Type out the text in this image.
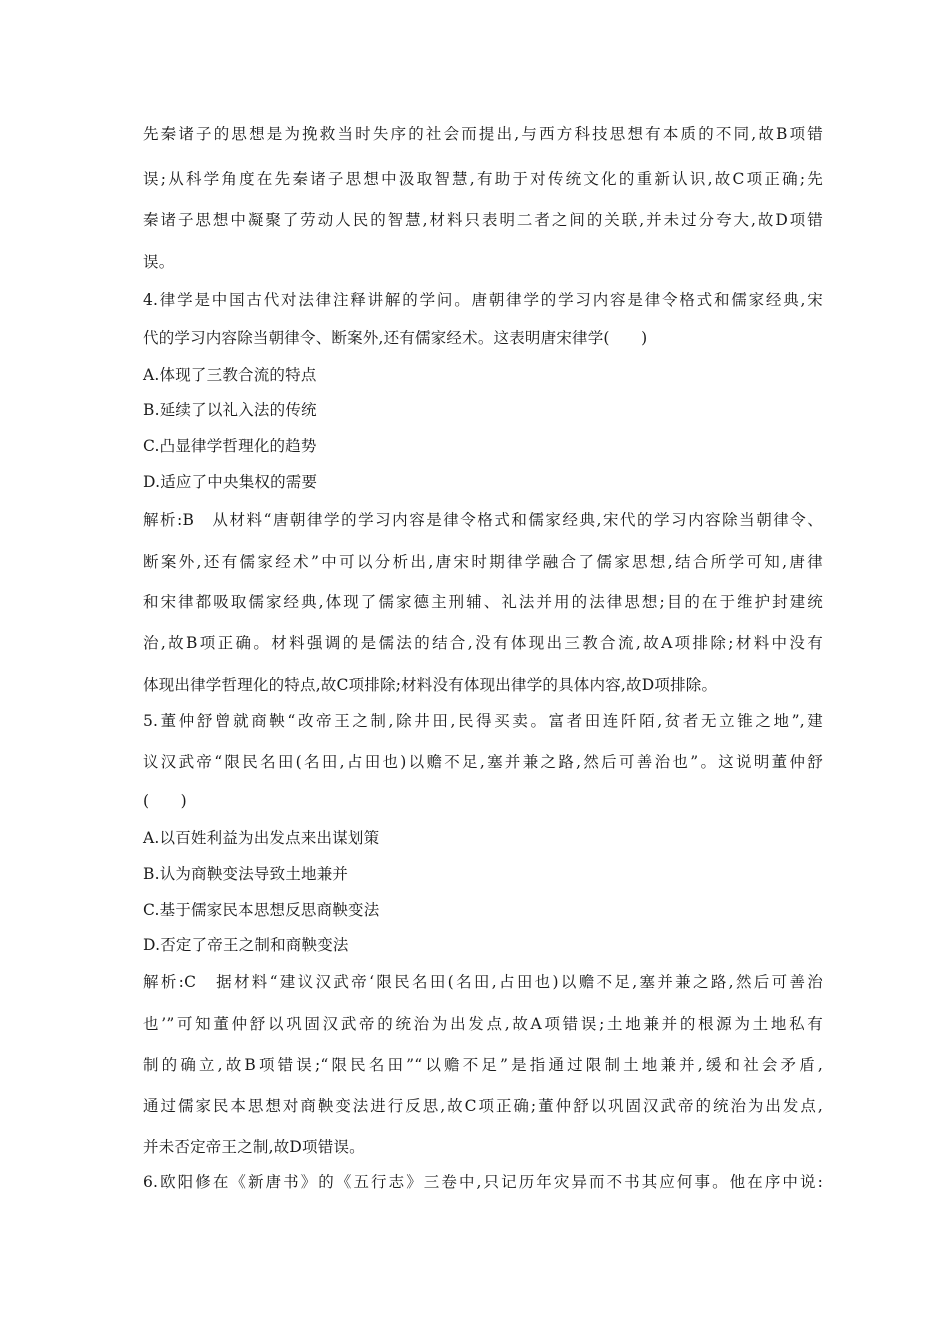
先秦诸子的思想是为挽救当时失序的社会而提出,与西方科技思想有本质的不同,故B项错
误;从科学角度在先秦诸子思想中汲取智慧,有助于对传统文化的重新认识,故C项正确;先
秦诸子思想中凝聚了劳动人民的智慧,材料只表明二者之间的关联,并未过分夸大,故D项错
误。
4.律学是中国古代对法律注释讲解的学问。唐朝律学的学习内容是律令格式和儒家经典,宋
代的学习内容除当朝律令、断案外,还有儒家经术。这表明唐宋律学(　　)
A.体现了三教合流的特点
B.延续了以礼入法的传统
C.凸显律学哲理化的趋势
D.适应了中央集权的需要
解析:B　从材料“唐朝律学的学习内容是律令格式和儒家经典,宋代的学习内容除当朝律令、
断案外,还有儒家经术”中可以分析出,唐宋时期律学融合了儒家思想,结合所学可知,唐律
和宋律都吸取儒家经典,体现了儒家德主刑辅、礼法并用的法律思想;目的在于维护封建统
治,故B项正确。材料强调的是儒法的结合,没有体现出三教合流,故A项排除;材料中没有
体现出律学哲理化的特点,故C项排除;材料没有体现出律学的具体内容,故D项排除。
5.董仲舒曾就商鞅“改帝王之制,除井田,民得买卖。富者田连阡陌,贫者无立锥之地”,建
议汉武帝“限民名田(名田,占田也)以赡不足,塞并兼之路,然后可善治也”。这说明董仲舒
(　　)
A.以百姓利益为出发点来出谋划策
B.认为商鞅变法导致土地兼并
C.基于儒家民本思想反思商鞅变法
D.否定了帝王之制和商鞅变法
解析:C　据材料“建议汉武帝‘限民名田(名田,占田也)以赡不足,塞并兼之路,然后可善治
也’”可知董仲舒以巩固汉武帝的统治为出发点,故A项错误;土地兼并的根源为土地私有
制的确立,故B项错误;“限民名田”“以赡不足”是指通过限制土地兼并,缓和社会矛盾,
通过儒家民本思想对商鞅变法进行反思,故C项正确;董仲舒以巩固汉武帝的统治为出发点,
并未否定帝王之制,故D项错误。
6.欧阳修在《新唐书》的《五行志》三卷中,只记历年灾异而不书其应何事。他在序中说:
